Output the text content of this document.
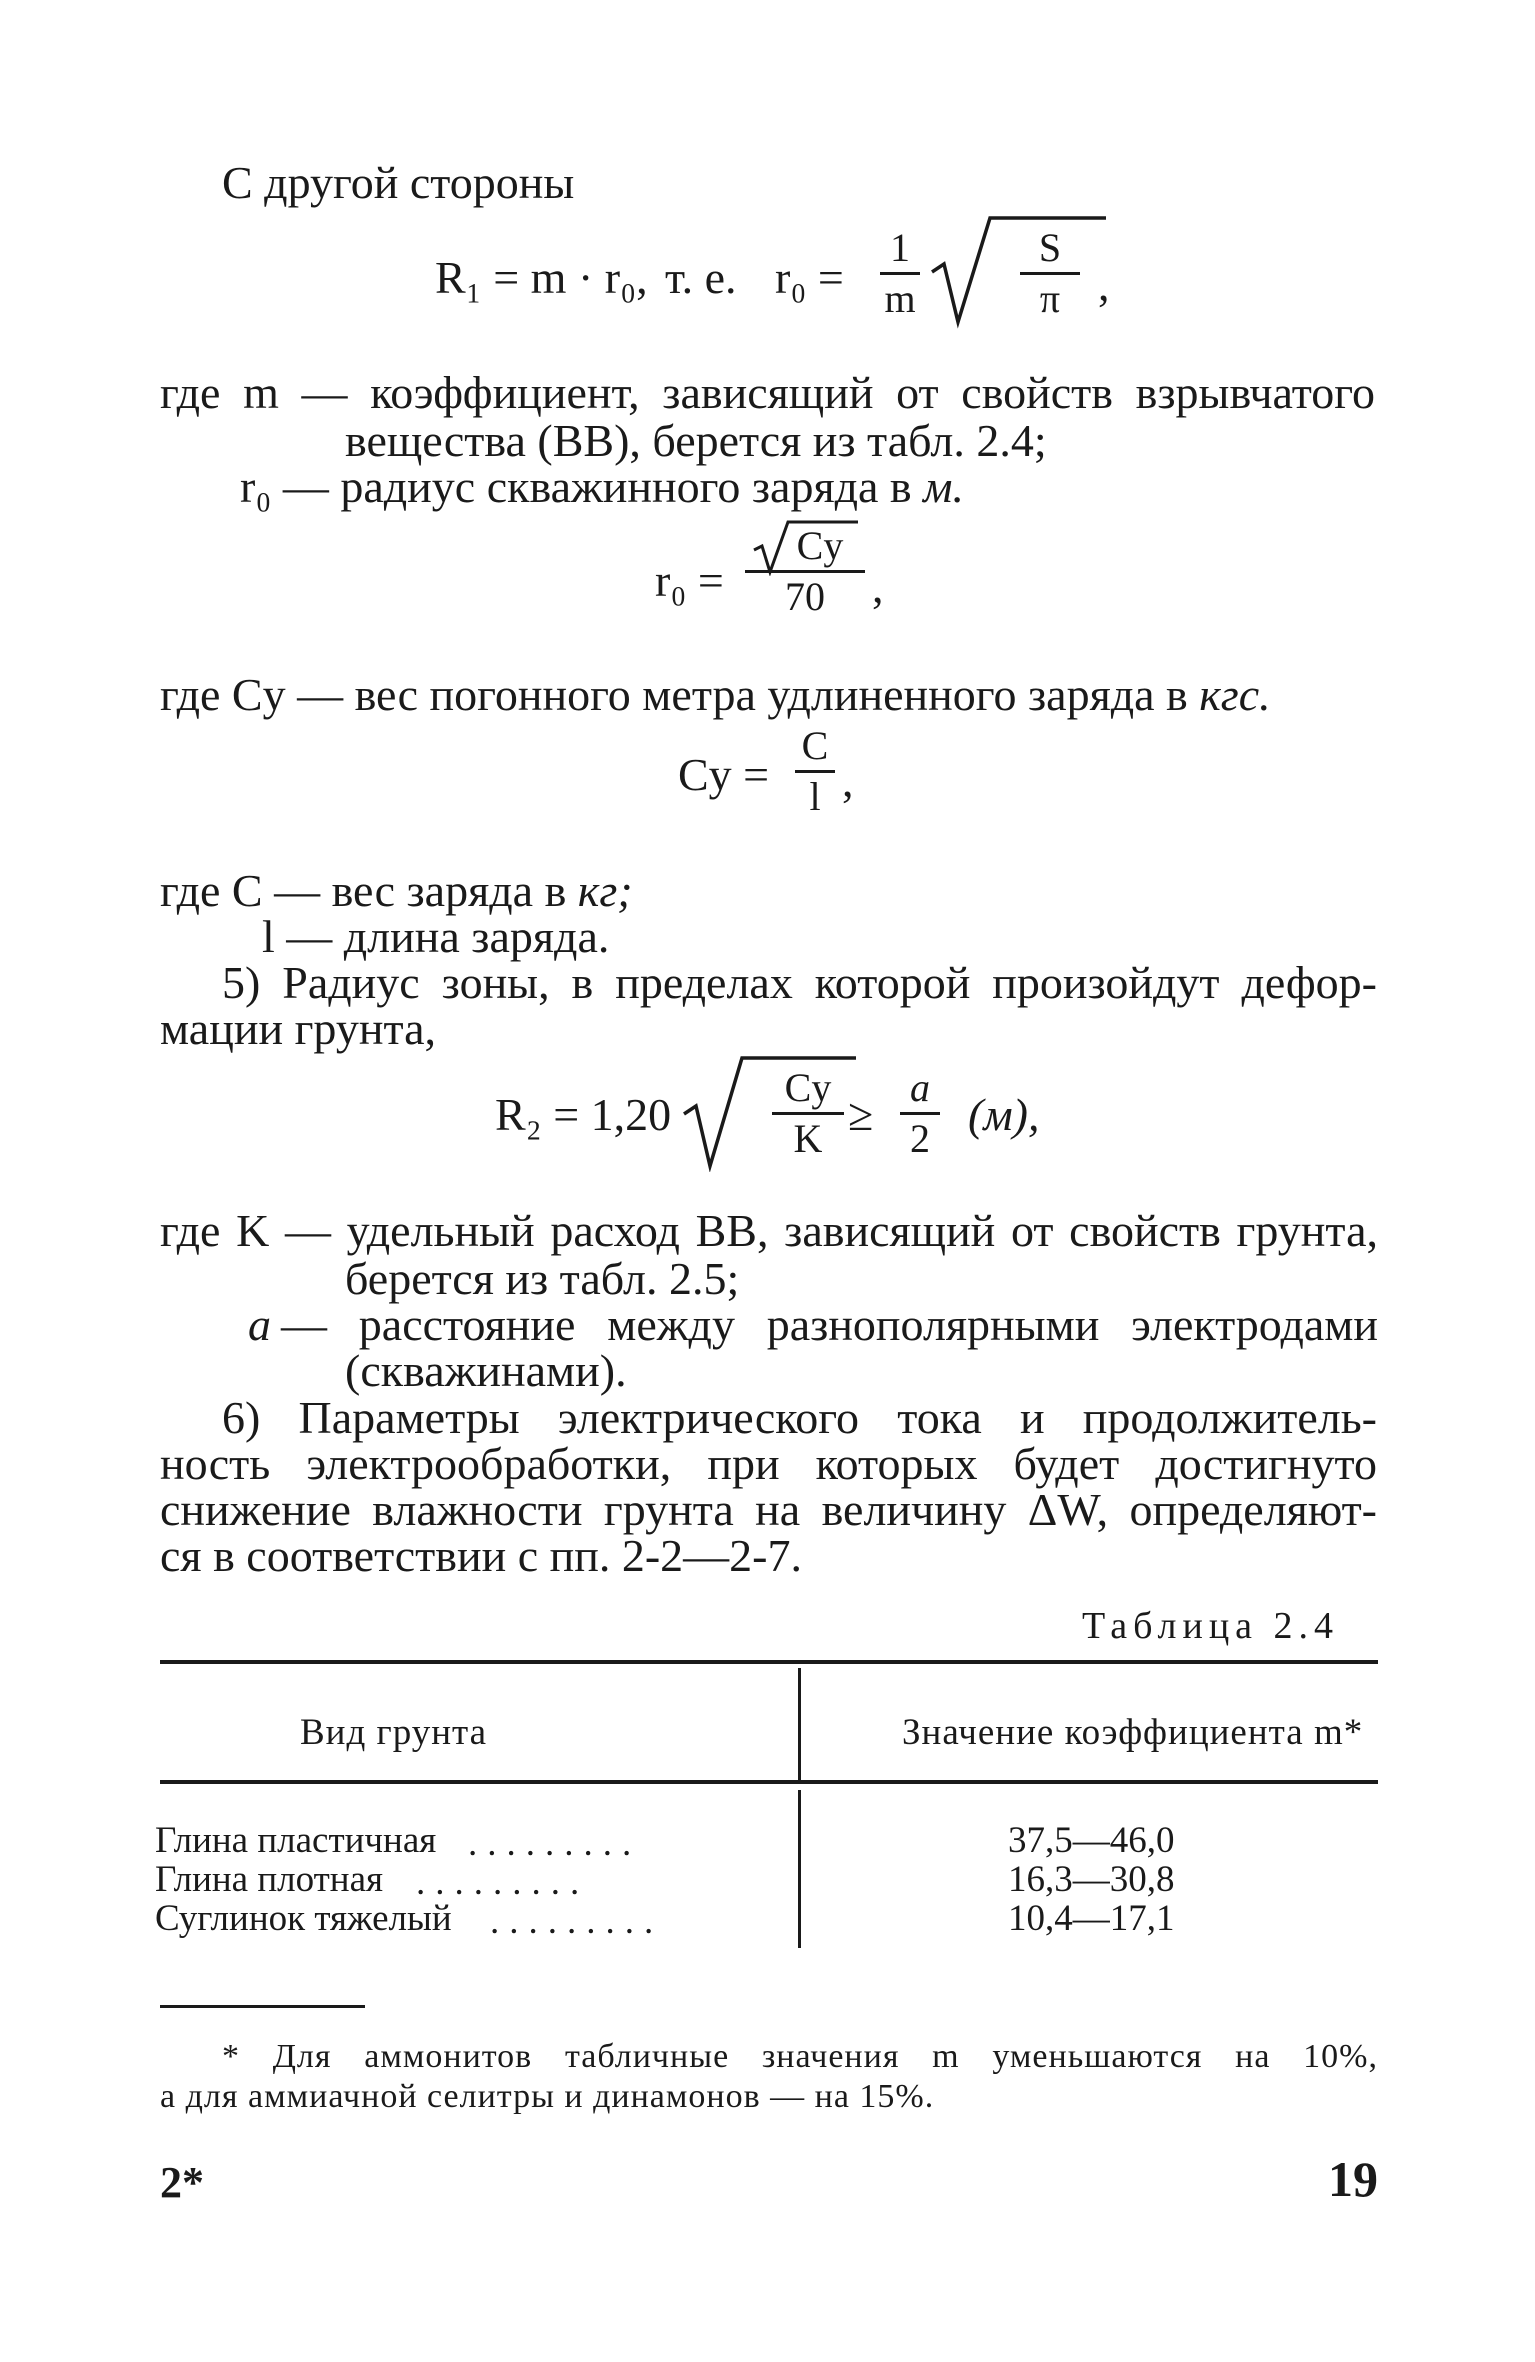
С другой стороны
R₁ = m · r₀, т. е. r₀ =
1
m
S
π ,
где m — коэффициент, зависящий от свойств взрывчатого
вещества (ВВ), берется из табл. 2.4;
r₀ — радиус скважинного заряда в м.
r₀ =
Cу
70 ,
где Cу — вес погонного метра удлиненного заряда в кгс.
Cу =
C
l ,
где C — вес заряда в кг;
l — длина заряда.
5) Радиус зоны, в пределах которой произойдут дефор-
мации грунта,
R₂ = 1,20
Cу
K ≥
a
2 (м),
где K — удельный расход ВВ, зависящий от свойств грунта,
берется из табл. 2.5;
a — расстояние между разнополярными электродами
(скважинами).
6) Параметры электрического тока и продолжитель-
ность электрообработки, при которых будет достигнуто
снижение влажности грунта на величину ΔW, определяют-
ся в соответствии с пп. 2-2—2-7.
Таблица 2.4
Вид грунта	Значение коэффициента m*
Глина пластичная .........	37,5—46,0
Глина плотная .........	16,3—30,8
Суглинок тяжелый .........	10,4—17,1
* Для аммонитов табличные значения m уменьшаются на 10%,
а для аммиачной селитры и динамонов — на 15%.
2*	19
